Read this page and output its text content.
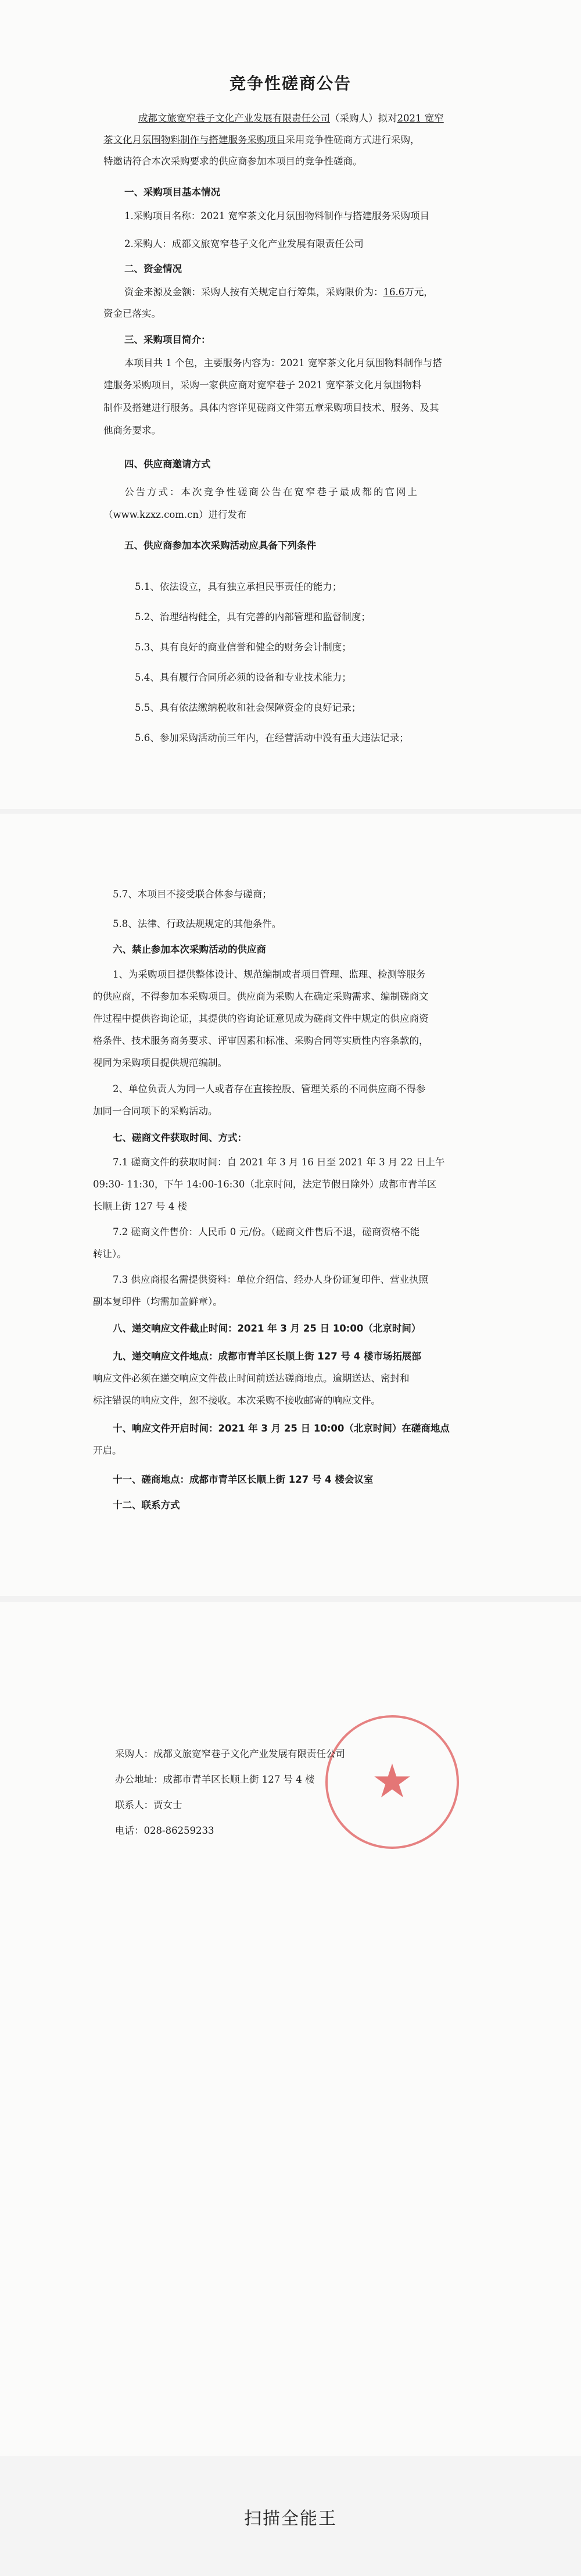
竞争性磋商公告
成都文旅宽窄巷子文化产业发展有限责任公司（采购人）拟对2021 宽窄
茶文化月氛围物料制作与搭建服务采购项目采用竞争性磋商方式进行采购，
特邀请符合本次采购要求的供应商参加本项目的竞争性磋商。
一、采购项目基本情况
1.采购项目名称：2021 宽窄茶文化月氛围物料制作与搭建服务采购项目
2.采购人：成都文旅宽窄巷子文化产业发展有限责任公司
二、资金情况
资金来源及金额：采购人按有关规定自行筹集，采购限价为：16.6万元，
资金已落实。
三、采购项目简介：
本项目共 1 个包，主要服务内容为：2021 宽窄茶文化月氛围物料制作与搭
建服务采购项目，采购一家供应商对宽窄巷子 2021 宽窄茶文化月氛围物料
制作及搭建进行服务。具体内容详见磋商文件第五章采购项目技术、服务、及其
他商务要求。
四、供应商邀请方式
公告方式：本次竞争性磋商公告在宽窄巷子最成都的官网上
（www.kzxz.com.cn）进行发布
五、供应商参加本次采购活动应具备下列条件
5.1、依法设立，具有独立承担民事责任的能力；
5.2、治理结构健全，具有完善的内部管理和监督制度；
5.3、具有良好的商业信誉和健全的财务会计制度；
5.4、具有履行合同所必须的设备和专业技术能力；
5.5、具有依法缴纳税收和社会保障资金的良好记录；
5.6、参加采购活动前三年内，在经营活动中没有重大违法记录；
5.7、本项目不接受联合体参与磋商；
5.8、法律、行政法规规定的其他条件。
六、禁止参加本次采购活动的供应商
1、为采购项目提供整体设计、规范编制或者项目管理、监理、检测等服务
的供应商，不得参加本采购项目。供应商为采购人在确定采购需求、编制磋商文
件过程中提供咨询论证，其提供的咨询论证意见成为磋商文件中规定的供应商资
格条件、技术服务商务要求、评审因素和标准、采购合同等实质性内容条款的，
视同为采购项目提供规范编制。
2、单位负责人为同一人或者存在直接控股、管理关系的不同供应商不得参
加同一合同项下的采购活动。
七、磋商文件获取时间、方式：
7.1 磋商文件的获取时间：自 2021 年 3 月 16 日至 2021 年 3 月 22 日上午
09:30- 11:30，下午 14:00-16:30（北京时间，法定节假日除外）成都市青羊区
长顺上街 127 号 4 楼
7.2 磋商文件售价：人民币 0 元/份。（磋商文件售后不退，磋商资格不能
转让）。
7.3 供应商报名需提供资料：单位介绍信、经办人身份证复印件、营业执照
副本复印件（均需加盖鲜章）。
八、递交响应文件截止时间：2021 年 3 月 25 日 10:00（北京时间）
九、递交响应文件地点：成都市青羊区长顺上街 127 号 4 楼市场拓展部
响应文件必须在递交响应文件截止时间前送达磋商地点。逾期送达、密封和
标注错误的响应文件，恕不接收。本次采购不接收邮寄的响应文件。
十、响应文件开启时间：2021 年 3 月 25 日 10:00（北京时间）在磋商地点
开启。
十一、磋商地点：成都市青羊区长顺上街 127 号 4 楼会议室
十二、联系方式
★
采购人：成都文旅宽窄巷子文化产业发展有限责任公司
办公地址：成都市青羊区长顺上街 127 号 4 楼
联系人：贾女士
电话：028-86259233
扫描全能王
